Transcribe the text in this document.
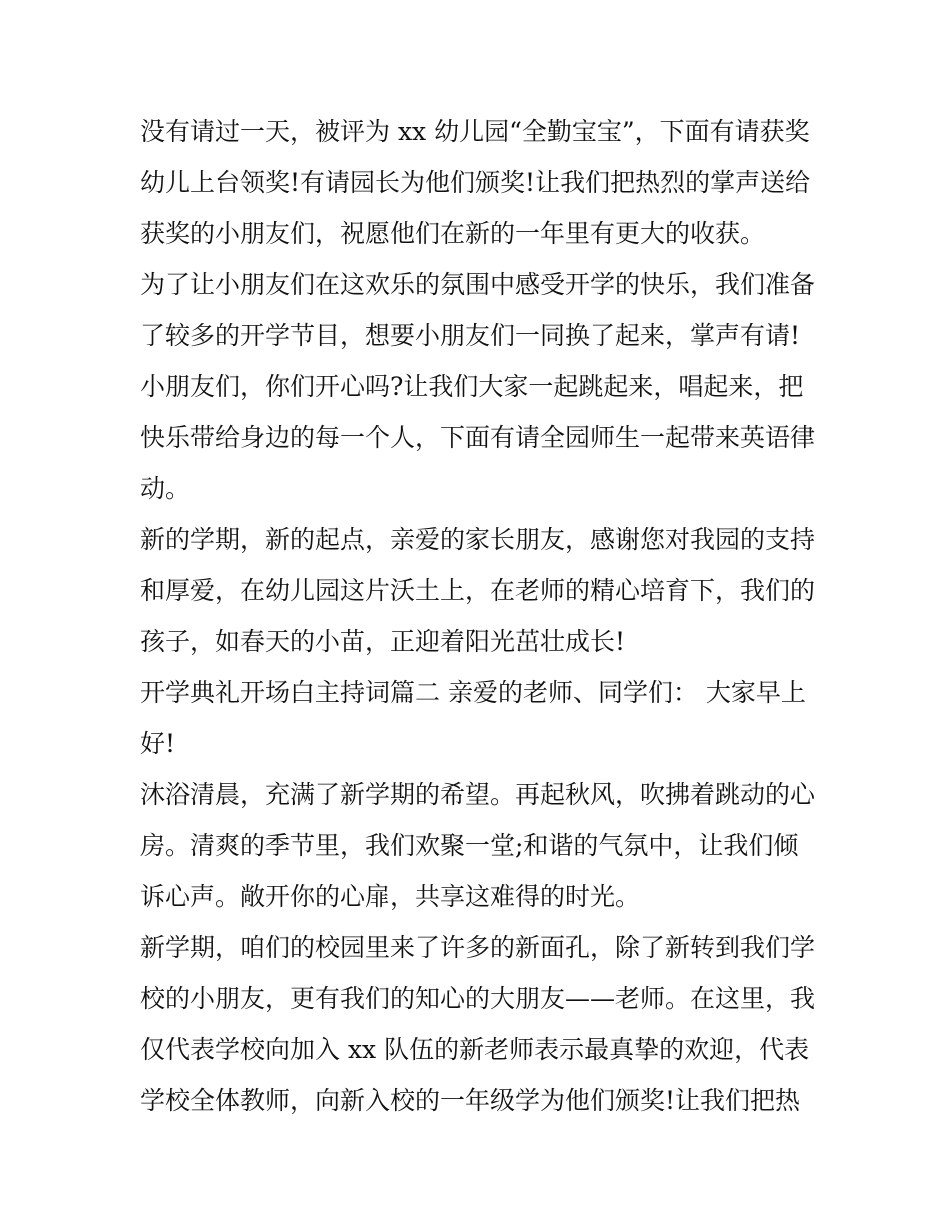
没有请过一天，被评为 xx 幼儿园“全勤宝宝”，下面有请获奖
幼儿上台领奖!有请园长为他们颁奖!让我们把热烈的掌声送给
获奖的小朋友们，祝愿他们在新的一年里有更大的收获。
为了让小朋友们在这欢乐的氛围中感受开学的快乐，我们准备
了较多的开学节目，想要小朋友们一同换了起来，掌声有请!
小朋友们，你们开心吗?让我们大家一起跳起来，唱起来，把
快乐带给身边的每一个人，下面有请全园师生一起带来英语律
动。
新的学期，新的起点，亲爱的家长朋友，感谢您对我园的支持
和厚爱，在幼儿园这片沃土上，在老师的精心培育下，我们的
孩子，如春天的小苗，正迎着阳光茁壮成长!
开学典礼开场白主持词篇二 亲爱的老师、同学们： 大家早上
好!
沐浴清晨，充满了新学期的希望。再起秋风，吹拂着跳动的心
房。清爽的季节里，我们欢聚一堂;和谐的气氛中，让我们倾
诉心声。敞开你的心扉，共享这难得的时光。
新学期，咱们的校园里来了许多的新面孔，除了新转到我们学
校的小朋友，更有我们的知心的大朋友——老师。在这里，我
仅代表学校向加入 xx 队伍的新老师表示最真挚的欢迎，代表
学校全体教师，向新入校的一年级学为他们颁奖!让我们把热
